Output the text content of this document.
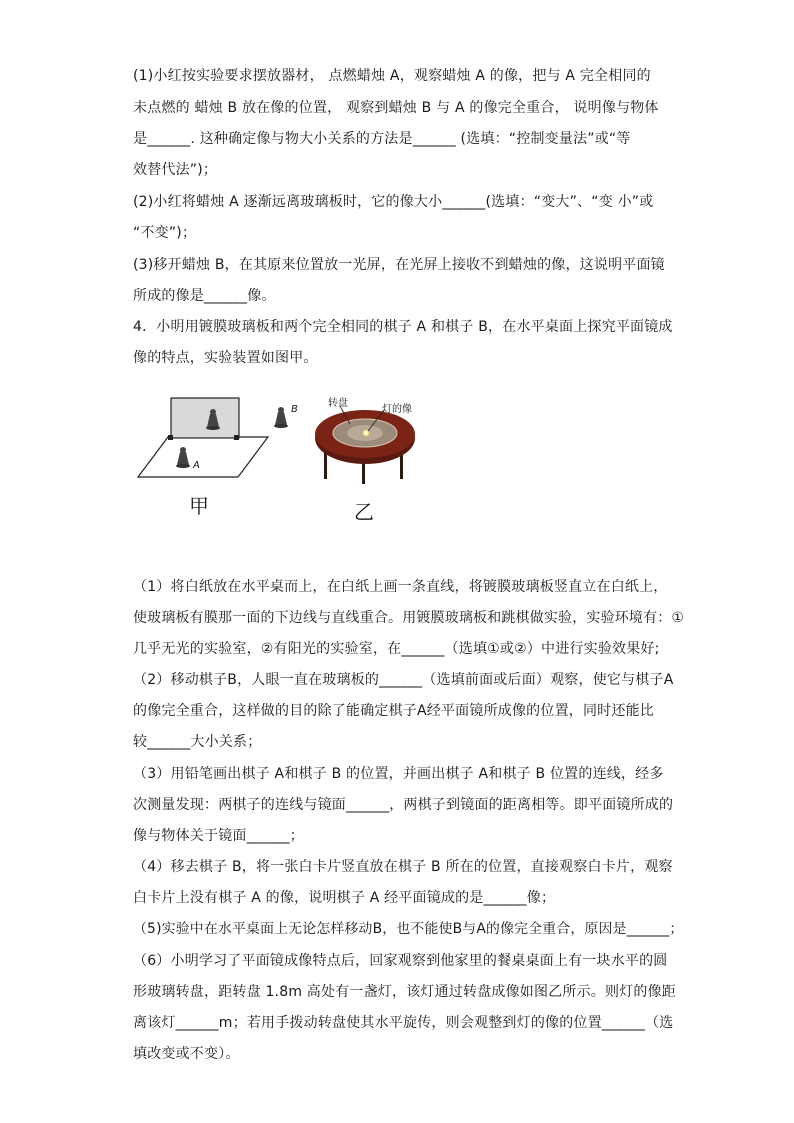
(1)小红按实验要求摆放器材， 点燃蜡烛 A，观察蜡烛 A 的像，把与 A 完全相同的
未点燃的 蜡烛 B 放在像的位置， 观察到蜡烛 B 与 A 的像完全重合， 说明像与物体
是______. 这种确定像与物大小关系的方法是______ (选填：“控制变量法”或“等
效替代法”)；
(2)小红将蜡烛 A 逐渐远离玻璃板时，它的像大小______(选填：“变大”、“变 小”或
“不变”)；
(3)移开蜡烛 B，在其原来位置放一光屏，在光屏上接收不到蜡烛的像，这说明平面镜
所成的像是______像。
4．小明用镀膜玻璃板和两个完全相同的棋子 A 和棋子 B，在水平桌面上探究平面镜成
像的特点，实验装置如图甲。
A
B
甲
转盘
灯的像
乙
（1）将白纸放在水平桌而上，在白纸上画一条直线，将镀膜玻璃板竖直立在白纸上，
使玻璃板有膜那一面的下边线与直线重合。用镀膜玻璃板和跳棋做实验，实验环境有：①
几乎无光的实验室，②有阳光的实验室，在______（选填①或②）中进行实验效果好;
（2）移动棋子B，人眼一直在玻璃板的______（选填前面或后面）观察，使它与棋子A
的像完全重合，这样做的目的除了能确定棋子A经平面镜所成像的位置，同时还能比
较______大小关系；
（3）用铅笔画出棋子 A和棋子 B 的位置，并画出棋子 A和棋子 B 位置的连线，经多
次测量发现：两棋子的连线与镜面______，两棋子到镜面的距离相等。即平面镜所成的
像与物体关于镜面______；
（4）移去棋子 B，将一张白卡片竖直放在棋子 B 所在的位置，直接观察白卡片，观察
白卡片上没有棋子 A 的像，说明棋子 A 经平面镜成的是______像；
（5)实验中在水平桌面上无论怎样移动B，也不能使B与A的像完全重合，原因是______；
（6）小明学习了平面镜成像特点后，回家观察到他家里的餐桌桌面上有一块水平的圆
形玻璃转盘，距转盘 1.8m 高处有一盏灯，该灯通过转盘成像如图乙所示。则灯的像距
离该灯______m；若用手拨动转盘使其水平旋传，则会观整到灯的像的位置______（选
填改变或不变）。
